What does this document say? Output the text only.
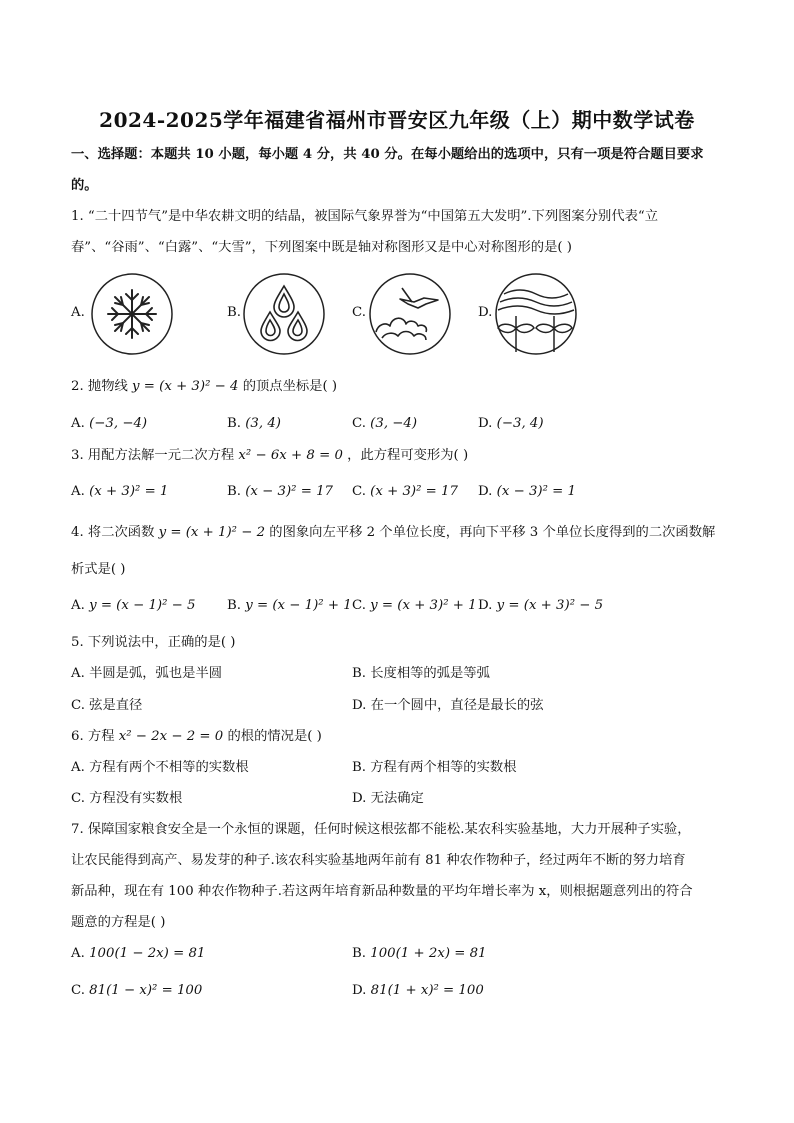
2024-2025学年福建省福州市晋安区九年级（上）期中数学试卷
一、选择题：本题共 10 小题，每小题 4 分，共 40 分。在每小题给出的选项中，只有一项是符合题目要求
的。
1. “二十四节气”是中华农耕文明的结晶，被国际气象界誉为“中国第五大发明”.下列图案分别代表“立
春”、“谷雨”、“白露”、“大雪”，下列图案中既是轴对称图形又是中心对称图形的是( )
A.	B.	C.	D.
2. 抛物线 y = (x + 3)² − 4 的顶点坐标是( )
A. (−3, −4)	B. (3, 4)	C. (3, −4)	D. (−3, 4)
3. 用配方法解一元二次方程 x² − 6x + 8 = 0 ，此方程可变形为( )
A. (x + 3)² = 1	B. (x − 3)² = 17 C. (x + 3)² = 17 D. (x − 3)² = 1
4. 将二次函数 y = (x + 1)² − 2 的图象向左平移 2 个单位长度，再向下平移 3 个单位长度得到的二次函数解
析式是( )
A. y = (x − 1)² − 5 B. y = (x − 1)² + 1 C. y = (x + 3)² + 1 D. y = (x + 3)² − 5
5. 下列说法中，正确的是( )
A. 半圆是弧，弧也是半圆	B. 长度相等的弧是等弧
C. 弦是直径	D. 在一个圆中，直径是最长的弦
6. 方程 x² − 2x − 2 = 0 的根的情况是( )
A. 方程有两个不相等的实数根	B. 方程有两个相等的实数根
C. 方程没有实数根	D. 无法确定
7. 保障国家粮食安全是一个永恒的课题，任何时候这根弦都不能松.某农科实验基地，大力开展种子实验，
让农民能得到高产、易发芽的种子.该农科实验基地两年前有 81 种农作物种子，经过两年不断的努力培育
新品种，现在有 100 种农作物种子.若这两年培育新品种数量的平均年增长率为 x，则根据题意列出的符合
题意的方程是( )
A. 100(1 − 2x) = 81	B. 100(1 + 2x) = 81
C. 81(1 − x)² = 100	D. 81(1 + x)² = 100
